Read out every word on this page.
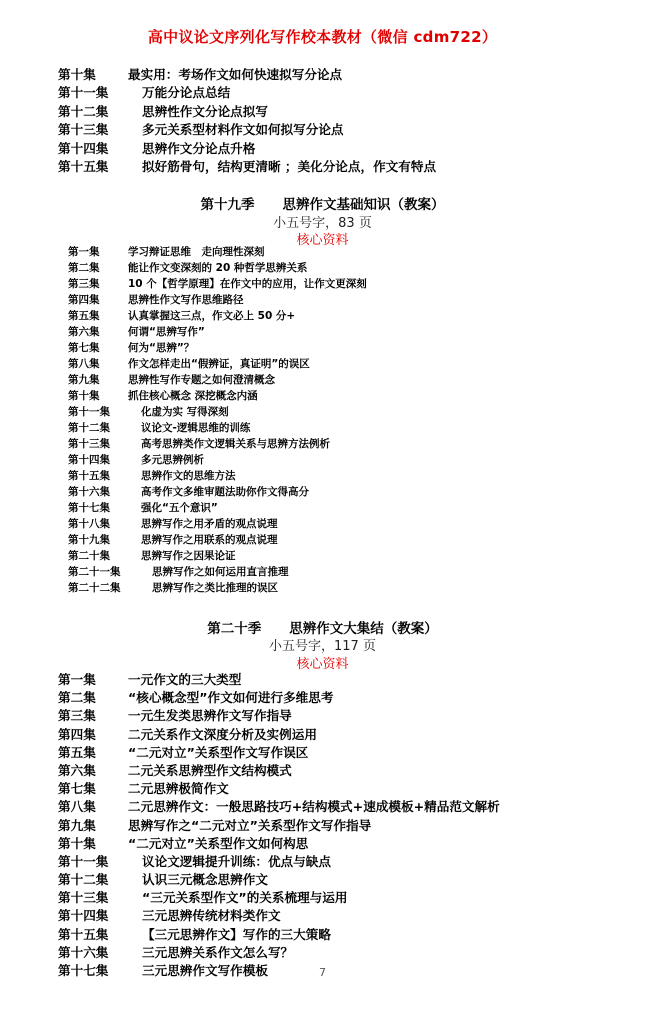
高中议论文序列化写作校本教材（微信 cdm722）
第十集	最实用：考场作文如何快速拟写分论点
第十一集	万能分论点总结
第十二集	思辨性作文分论点拟写
第十三集	多元关系型材料作文如何拟写分论点
第十四集	思辨作文分论点升格
第十五集	拟好筋骨句，结构更清晰 ；美化分论点，作文有特点
第十九季 思辨作文基础知识（教案）
小五号字，83 页
核心资料
第一集	学习辩证思维　走向理性深刻
第二集	能让作文变深刻的 20 种哲学思辨关系
第三集	10 个【哲学原理】在作文中的应用，让作文更深刻
第四集	思辨性作文写作思维路径
第五集	认真掌握这三点，作文必上 50 分+
第六集	何谓“思辨写作”
第七集	何为“思辨”？
第八集	作文怎样走出“假辨证，真证明”的误区
第九集	思辨性写作专题之如何澄清概念
第十集	抓住核心概念 深挖概念内涵
第十一集	化虚为实 写得深刻
第十二集	议论文-逻辑思维的训练
第十三集	高考思辨类作文逻辑关系与思辨方法例析
第十四集	多元思辨例析
第十五集	思辨作文的思维方法
第十六集	高考作文多维审题法助你作文得高分
第十七集	强化“五个意识”
第十八集	思辨写作之用矛盾的观点说理
第十九集	思辨写作之用联系的观点说理
第二十集	思辨写作之因果论证
第二十一集	思辨写作之如何运用直言推理
第二十二集	思辨写作之类比推理的误区
第二十季 思辨作文大集结（教案）
小五号字，117 页
核心资料
第一集	一元作文的三大类型
第二集	“核心概念型”作文如何进行多维思考
第三集	一元生发类思辨作文写作指导
第四集	二元关系作文深度分析及实例运用
第五集	“二元对立”关系型作文写作误区
第六集	二元关系思辨型作文结构模式
第七集	二元思辨极简作文
第八集	二元思辨作文：一般思路技巧+结构模式+速成模板+精品范文解析
第九集	思辨写作之“二元对立”关系型作文写作指导
第十集	“二元对立”关系型作文如何构思
第十一集	议论文逻辑提升训练：优点与缺点
第十二集	认识三元概念思辨作文
第十三集	“三元关系型作文”的关系梳理与运用
第十四集	三元思辨传统材料类作文
第十五集	【三元思辨作文】写作的三大策略
第十六集	三元思辨关系作文怎么写？
第十七集	三元思辨作文写作模板	7
